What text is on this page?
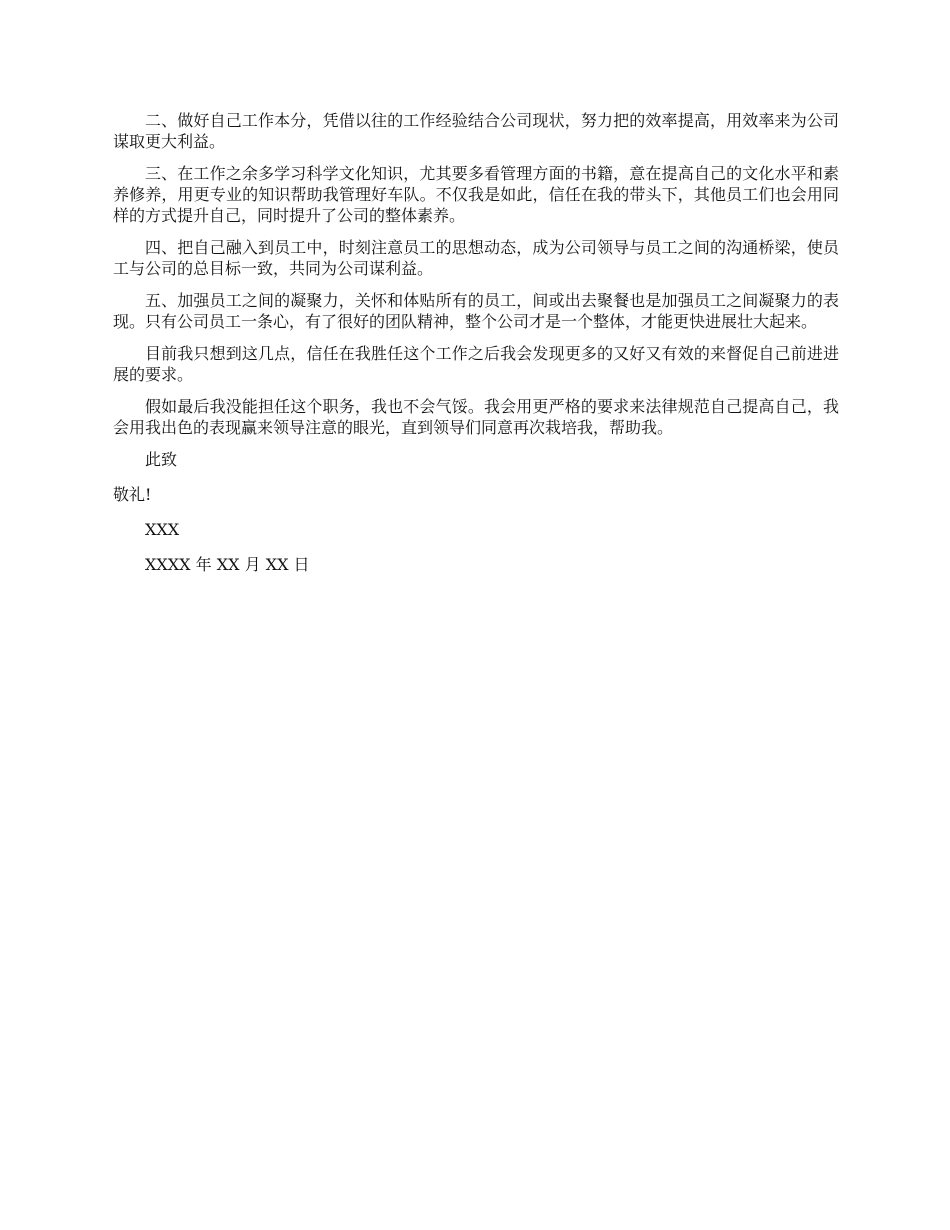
二、做好自己工作本分，凭借以往的工作经验结合公司现状，努力把的效率提高，用效率来为公司谋取更大利益。

三、在工作之余多学习科学文化知识，尤其要多看管理方面的书籍，意在提高自己的文化水平和素养修养，用更专业的知识帮助我管理好车队。不仅我是如此，信任在我的带头下，其他员工们也会用同样的方式提升自己，同时提升了公司的整体素养。

四、把自己融入到员工中，时刻注意员工的思想动态，成为公司领导与员工之间的沟通桥梁，使员工与公司的总目标一致，共同为公司谋利益。

五、加强员工之间的凝聚力，关怀和体贴所有的员工，间或出去聚餐也是加强员工之间凝聚力的表现。只有公司员工一条心，有了很好的团队精神，整个公司才是一个整体，才能更快进展壮大起来。

目前我只想到这几点，信任在我胜任这个工作之后我会发现更多的又好又有效的来督促自己前进进展的要求。

假如最后我没能担任这个职务，我也不会气馁。我会用更严格的要求来法律规范自己提高自己，我会用我出色的表现赢来领导注意的眼光，直到领导们同意再次栽培我，帮助我。

此致

敬礼!

XXX

XXXX 年 XX 月 XX 日
